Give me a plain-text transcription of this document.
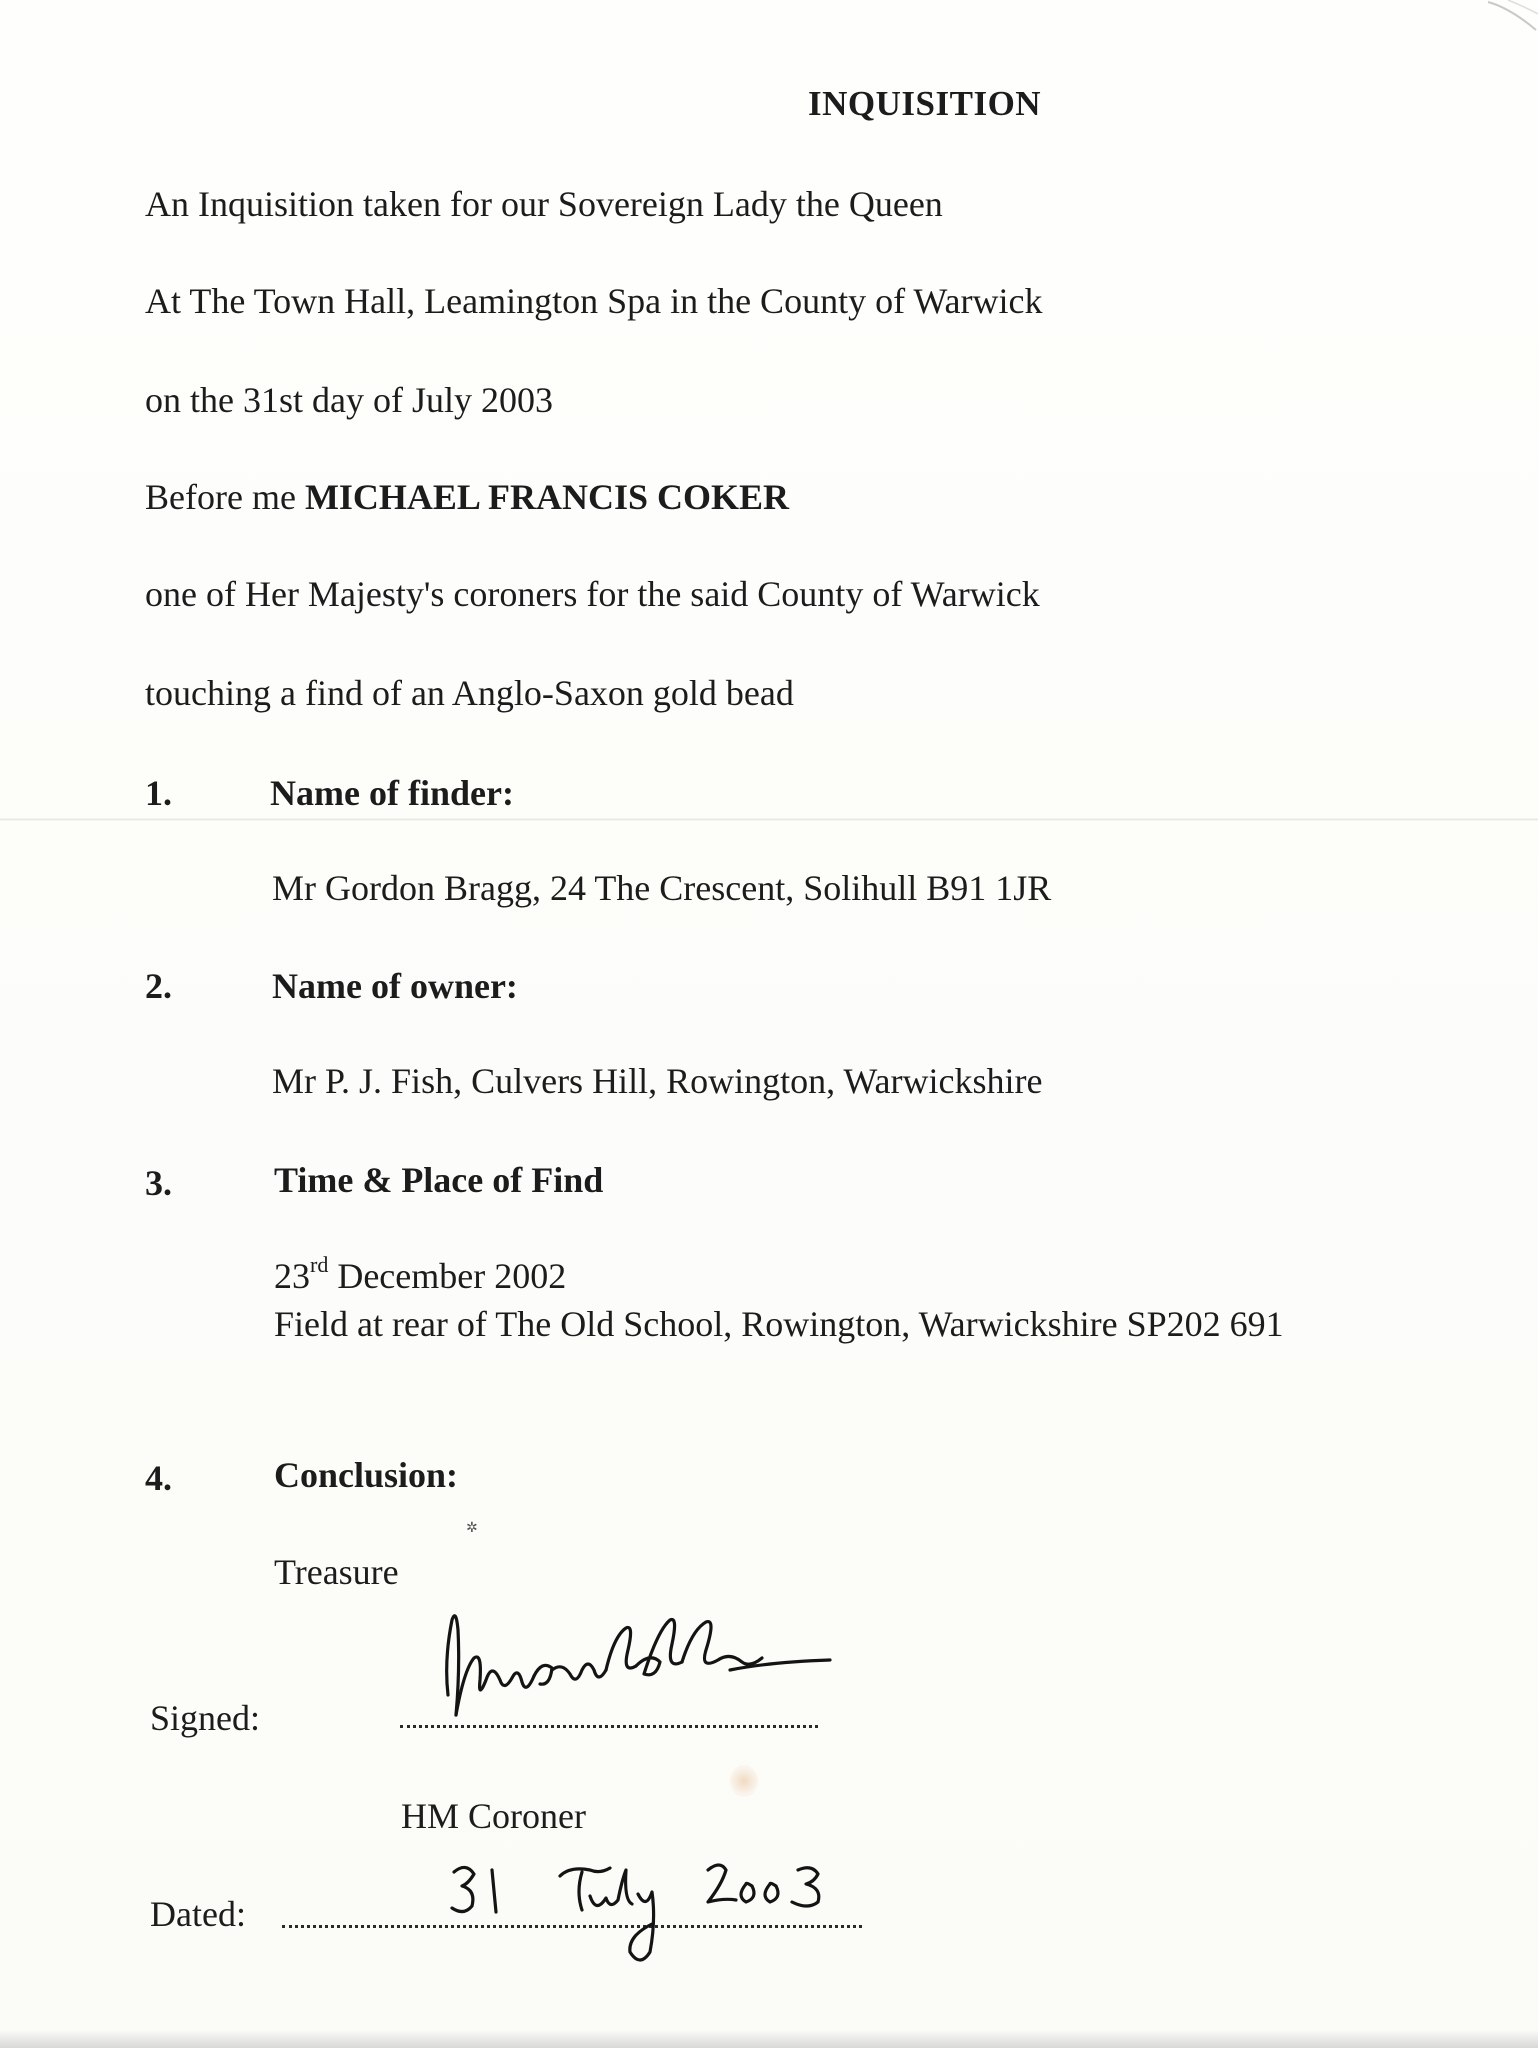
INQUISITION
An Inquisition taken for our Sovereign Lady the Queen
At The Town Hall, Leamington Spa in the County of Warwick
on the 31st day of July 2003
Before me MICHAEL FRANCIS COKER
one of Her Majesty's coroners for the said County of Warwick
touching a find of an Anglo-Saxon gold bead
1.	Name of finder:
Mr Gordon Bragg, 24 The Crescent, Solihull B91 1JR
2.	Name of owner:
Mr P. J. Fish, Culvers Hill, Rowington, Warwickshire
3.	Time & Place of Find
23rd December 2002
Field at rear of The Old School, Rowington, Warwickshire SP202 691
4.	Conclusion:
✲
Treasure
Signed:
HM Coroner
Dated:
